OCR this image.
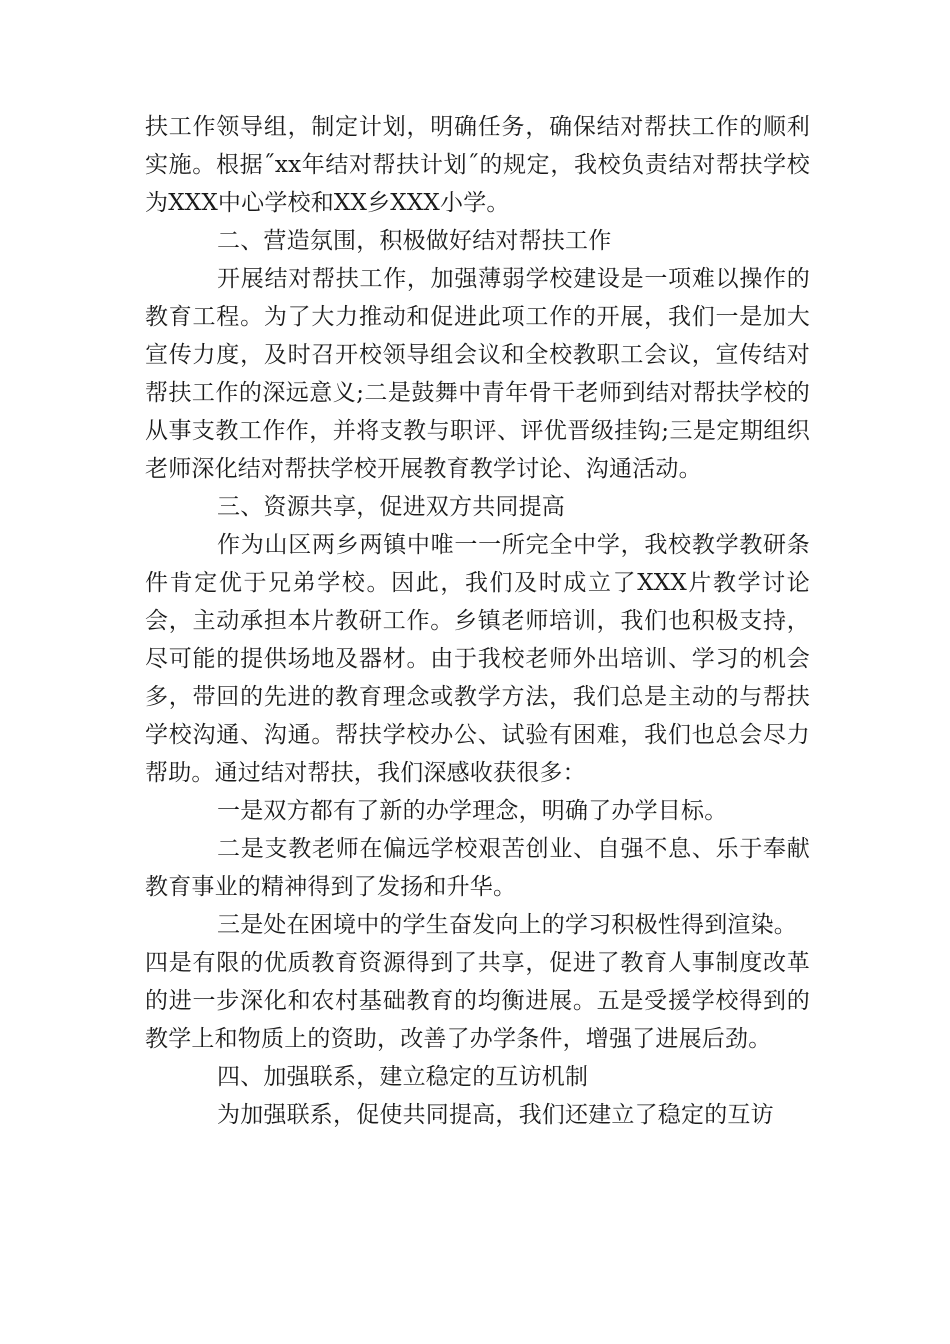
扶工作领导组，制定计划，明确任务，确保结对帮扶工作的顺利实施。根据˝xx年结对帮扶计划˝的规定，我校负责结对帮扶学校为XXX中心学校和XX乡XXX小学。

二、营造氛围，积极做好结对帮扶工作

开展结对帮扶工作，加强薄弱学校建设是一项难以操作的教育工程。为了大力推动和促进此项工作的开展，我们一是加大宣传力度，及时召开校领导组会议和全校教职工会议，宣传结对帮扶工作的深远意义;二是鼓舞中青年骨干老师到结对帮扶学校的从事支教工作作，并将支教与职评、评优晋级挂钩;三是定期组织老师深化结对帮扶学校开展教育教学讨论、沟通活动。

三、资源共享，促进双方共同提高

作为山区两乡两镇中唯一一所完全中学，我校教学教研条件肯定优于兄弟学校。因此，我们及时成立了XXX片教学讨论会，主动承担本片教研工作。乡镇老师培训，我们也积极支持，尽可能的提供场地及器材。由于我校老师外出培训、学习的机会多，带回的先进的教育理念或教学方法，我们总是主动的与帮扶学校沟通、沟通。帮扶学校办公、试验有困难，我们也总会尽力帮助。通过结对帮扶，我们深感收获很多：

一是双方都有了新的办学理念，明确了办学目标。

二是支教老师在偏远学校艰苦创业、自强不息、乐于奉献教育事业的精神得到了发扬和升华。

三是处在困境中的学生奋发向上的学习积极性得到渲染。

四是有限的优质教育资源得到了共享，促进了教育人事制度改革的进一步深化和农村基础教育的均衡进展。五是受援学校得到的教学上和物质上的资助，改善了办学条件，增强了进展后劲。

四、加强联系，建立稳定的互访机制

为加强联系，促使共同提高，我们还建立了稳定的互访
